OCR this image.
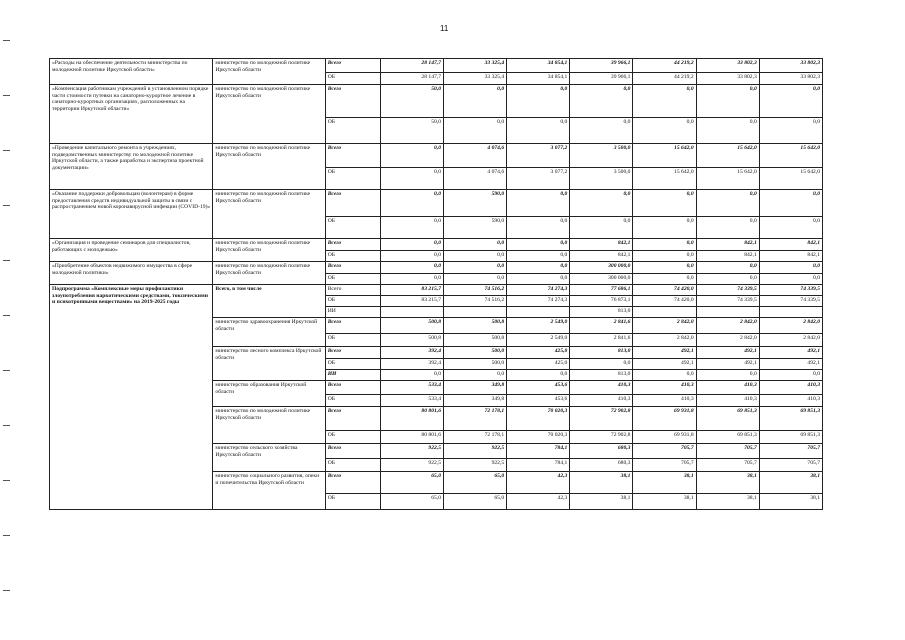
11
«Расходы на обеспечение деятельности министерства по молодежной политике Иркутской области»	министерство по молодежной политике Иркутской области	Всего	28 147,7	33 325,4	34 854,1	39 966,1	44 219,2	33 802,3	33 802,3
		ОБ	28 147,7	33 325,4	34 854,1	39 966,1	44 219,2	33 802,3	33 802,3
«Компенсация работникам учреждений в установленном порядке части стоимости путевки на санаторно-курортное лечение в санаторно-курортных организациях, расположенных на территории Иркутской области»	министерство по молодежной политике Иркутской области	Всего	50,0	0,0	0,0	0,0	0,0	0,0	0,0
		ОБ	50,0	0,0	0,0	0,0	0,0	0,0	0,0
«Проведение капитального ремонта в учреждениях, подведомственных министерству по молодежной политике Иркутской области, а также разработка и экспертиза проектной документации»	министерство по молодежной политике Иркутской области	Всего	0,0	4 074,6	3 077,2	3 500,0	15 642,0	15 642,0	15 642,0
		ОБ	0,0	4 074,6	3 077,2	3 500,0	15 642,0	15 642,0	15 642,0
«Оказание поддержки добровольцам (волонтерам) в форме предоставления средств индивидуальной защиты в связи с распространением новой коронавирусной инфекции (COVID-19)»	министерство по молодежной политике Иркутской области	Всего	0,0	590,0	0,0	0,0	0,0	0,0	0,0
		ОБ	0,0	590,0	0,0	0,0	0,0	0,0	0,0
«Организация и проведение семинаров для специалистов, работающих с молодежью»	министерство по молодежной политике Иркутской области	Всего	0,0	0,0	0,0	842,1	0,0	842,1	842,1
		ОБ	0,0	0,0	0,0	842,1	0,0	842,1	842,1
«Приобретение объектов недвижимого имущества в сфере молодежной политики»	министерство по молодежной политике Иркутской области	Всего	0,0	0,0	0,0	300 000,0	0,0	0,0	0,0
		ОБ	0,0	0,0	0,0	300 000,0	0,0	0,0	0,0
Подпрограмма «Комплексные меры профилактики злоупотребления наркотическими средствами, токсическими и психотропными веществами» на 2019-2025 годы	Всего, в том числе	Всего	83 215,7	74 516,2	74 274,3	77 686,1	74 420,0	74 339,5	74 339,5
		ОБ	83 215,7	74 516,2	74 274,3	76 873,1	74 420,0	74 339,5	74 339,5
		ИИ				813,0			
	министерство здравоохранения Иркутской области	Всего	500,8	500,8	2 549,0	2 841,6	2 842,0	2 842,0	2 842,0
		ОБ	500,8	500,8	2 549,0	2 841,6	2 842,0	2 842,0	2 842,0
	министерство лесного комплекса Иркутской области	Всего	392,4	500,0	425,0	813,0	492,1	492,1	492,1
		ОБ	392,4	500,0	425,0	0,0	492,1	492,1	492,1
		ИИ	0,0	0,0	0,0	813,0	0,0	0,0	0,0
	министерство образования Иркутской области	Всего	533,4	349,8	453,6	410,3	410,3	410,3	410,3
		ОБ	533,4	349,8	453,6	410,3	410,3	410,3	410,3
	министерство по молодежной политике Иркутской области	Всего	80 801,6	72 178,1	70 020,3	72 902,8	69 931,8	69 851,3	69 851,3
		ОБ	80 801,6	72 178,1	70 020,3	72 902,8	69 931,8	69 851,3	69 851,3
	министерство сельского хозяйства Иркутской области	Всего	922,5	922,5	784,1	680,3	705,7	705,7	705,7
		ОБ	922,5	922,5	784,1	680,3	705,7	705,7	705,7
	министерство социального развития, опеки и попечительства Иркутской области	Всего	65,0	65,0	42,3	38,1	38,1	38,1	38,1
		ОБ	65,0	65,0	42,3	38,1	38,1	38,1	38,1
